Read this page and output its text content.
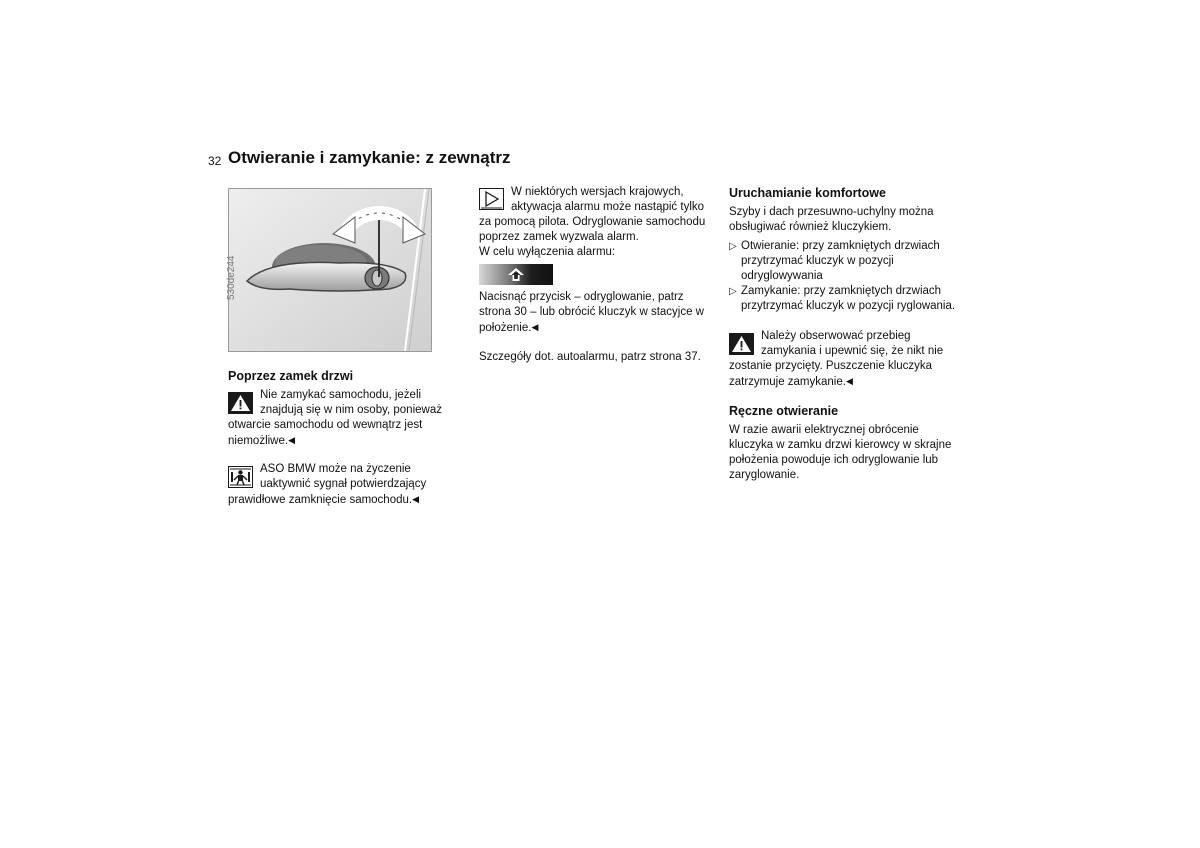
32 Otwieranie i zamykanie: z zewnątrz
530de244
Poprzez zamek drzwi
Nie zamykać samochodu, jeżeli
znajdują się w nim osoby, ponieważ
otwarcie samochodu od wewnątrz jest
niemożliwe.◀
ASO BMW może na życzenie
uaktywnić sygnał potwierdzający
prawidłowe zamknięcie samochodu.◀
W niektórych wersjach krajowych,
aktywacja alarmu może nastąpić tylko
za pomocą pilota. Odryglowanie samochodu
poprzez zamek wyzwala alarm.
W celu wyłączenia alarmu:
Nacisnąć przycisk – odryglowanie, patrz
strona 30 – lub obrócić kluczyk w stacyjce w
położenie.◀
Szczegóły dot. autoalarmu, patrz strona 37.
Uruchamianie komfortowe
Szyby i dach przesuwno-uchylny można
obsługiwać również kluczykiem.
▷ Otwieranie: przy zamkniętych drzwiach
przytrzymać kluczyk w pozycji
odryglowywania
▷ Zamykanie: przy zamkniętych drzwiach
przytrzymać kluczyk w pozycji ryglowania.
Należy obserwować przebieg
zamykania i upewnić się, że nikt nie
zostanie przycięty. Puszczenie kluczyka
zatrzymuje zamykanie.◀
Ręczne otwieranie
W razie awarii elektrycznej obrócenie
kluczyka w zamku drzwi kierowcy w skrajne
położenia powoduje ich odryglowanie lub
zaryglowanie.
